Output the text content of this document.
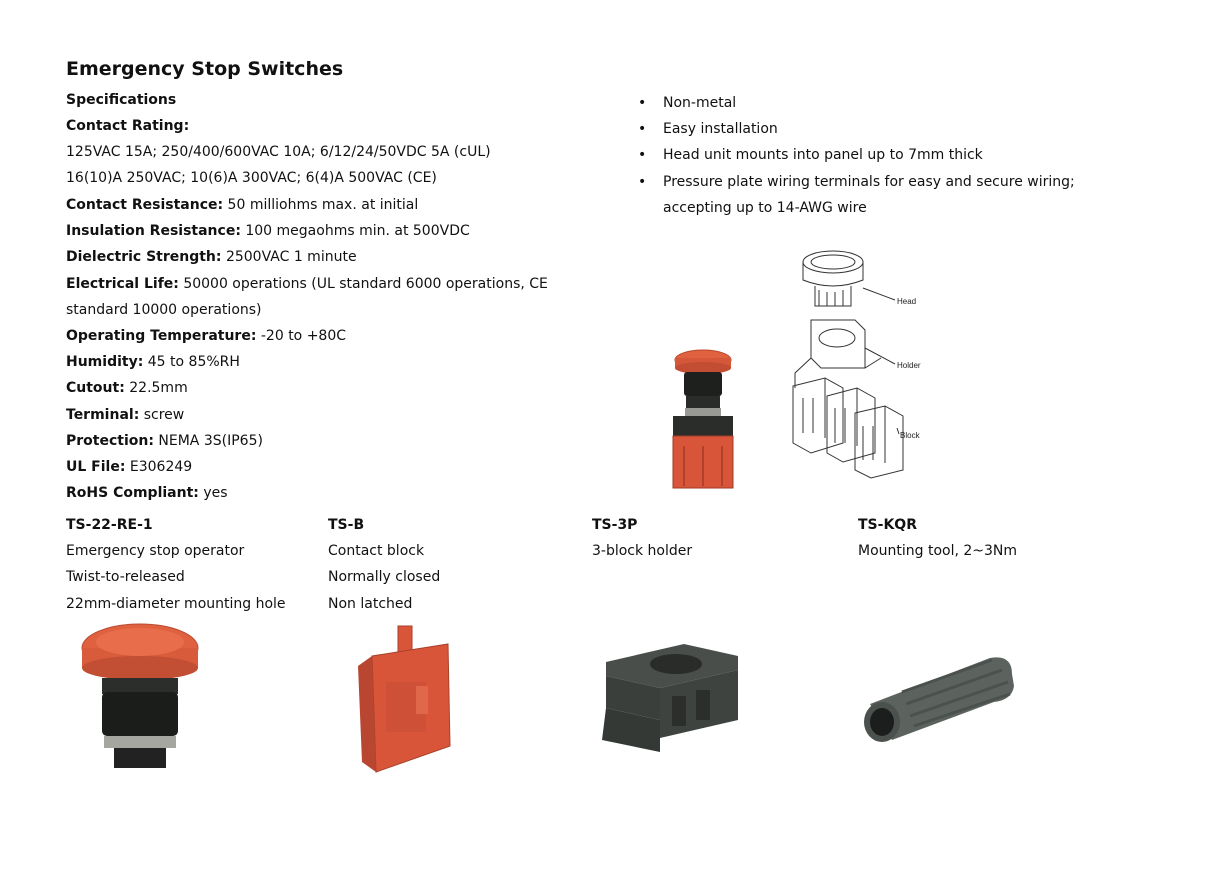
Emergency Stop Switches
Specifications
Contact Rating:
125VAC 15A; 250/400/600VAC 10A; 6/12/24/50VDC 5A (cUL)
16(10)A 250VAC; 10(6)A 300VAC; 6(4)A 500VAC (CE)
Contact Resistance: 50 milliohms max. at initial
Insulation Resistance: 100 megaohms min. at 500VDC
Dielectric Strength: 2500VAC 1 minute
Electrical Life: 50000 operations (UL standard 6000 operations, CE
standard 10000 operations)
Operating Temperature: -20 to +80C
Humidity: 45 to 85%RH
Cutout: 22.5mm
Terminal: screw
Protection: NEMA 3S(IP65)
UL File: E306249
RoHS Compliant: yes
• Non-metal
• Easy installation
• Head unit mounts into panel up to 7mm thick
• Pressure plate wiring terminals for easy and secure wiring; accepting up to 14-AWG wire
Head
Holder
Block
TS-22-RE-1
Emergency stop operator
Twist-to-released
22mm-diameter mounting hole
TS-B
Contact block
Normally closed
Non latched
TS-3P
3-block holder
TS-KQR
Mounting tool, 2~3Nm
